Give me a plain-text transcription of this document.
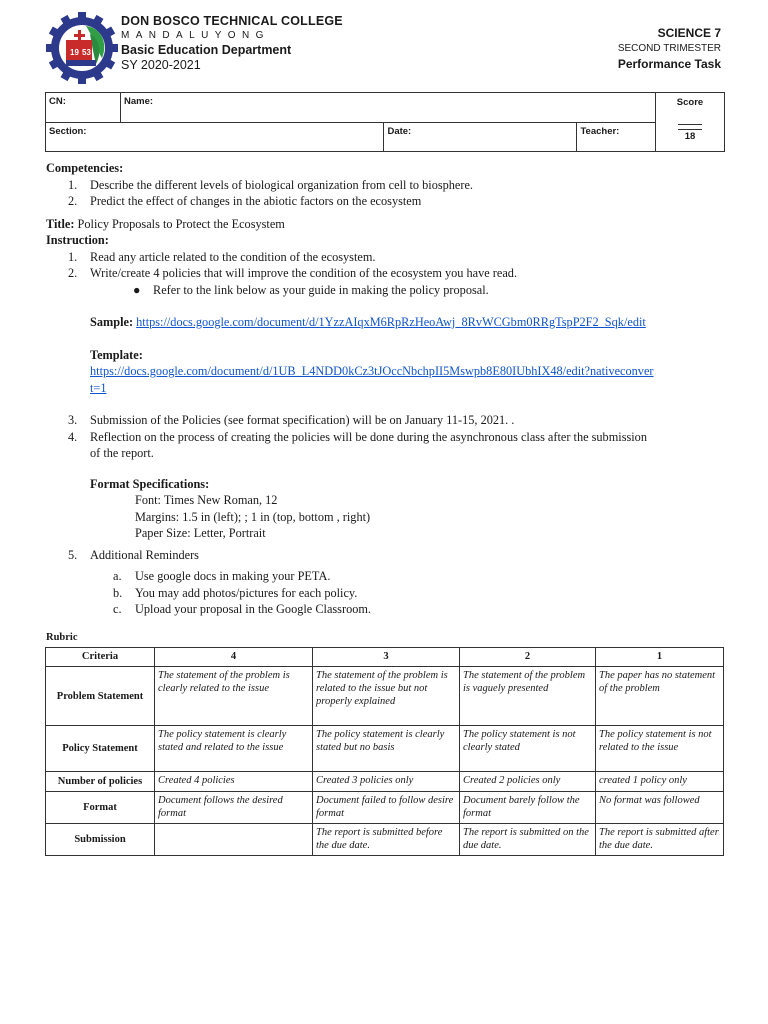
19 53
DON BOSCO TECHNICAL COLLEGE
MANDALUYONG
Basic Education Department
SY 2020-2021
SCIENCE 7
SECOND TRIMESTER
Performance Task
CN:	Name:			Score
18

Section:		Date:	Teacher:	
Competencies:
1. Describe the different levels of biological organization from cell to biosphere.
2. Predict the effect of changes in the abiotic factors on the ecosystem
Title: Policy Proposals to Protect the Ecosystem
Instruction:
1. Read any article related to the condition of the ecosystem.
2. Write/create 4 policies that will improve the condition of the ecosystem you have read.
● Refer to the link below as your guide in making the policy proposal.
Sample: https://docs.google.com/document/d/1YzzAIqxM6RpRzHeoAwj_8RvWCGbm0RRgTspP2F2_Sqk/edit
Template:
https://docs.google.com/document/d/1UB_L4NDD0kCz3tJOccNbchpII5Mswpb8E80IUbhIX48/edit?nativeconver
t=1
3. Submission of the Policies (see format specification) will be on January 11-15, 2021. .
4. Reflection on the process of creating the policies will be done during the asynchronous class after the submission
of the report.
Format Specifications:
Font: Times New Roman, 12
Margins: 1.5 in (left); ; 1 in (top, bottom , right)
Paper Size: Letter, Portrait
5. Additional Reminders
a. Use google docs in making your PETA.
b. You may add photos/pictures for each policy.
c. Upload your proposal in the Google Classroom.
Rubric
Criteria	4	3	2	1
Problem Statement	The statement of the problem is clearly related to the issue	The statement of the problem is related to the issue but not properly explained	The statement of the problem is vaguely presented	The paper has no statement of the problem
Policy Statement	The policy statement is clearly stated and related to the issue	The policy statement is clearly stated but no basis	The policy statement is not clearly stated	The policy statement is not related to the issue
Number of policies	Created 4 policies	Created 3 policies only	Created 2 policies only	created 1 policy only
Format	Document follows the desired format	Document failed to follow desire format	Document barely follow the format	No format was followed
Submission		The report is submitted before the due date.	The report is submitted on the due date.	The report is submitted after the due date.
